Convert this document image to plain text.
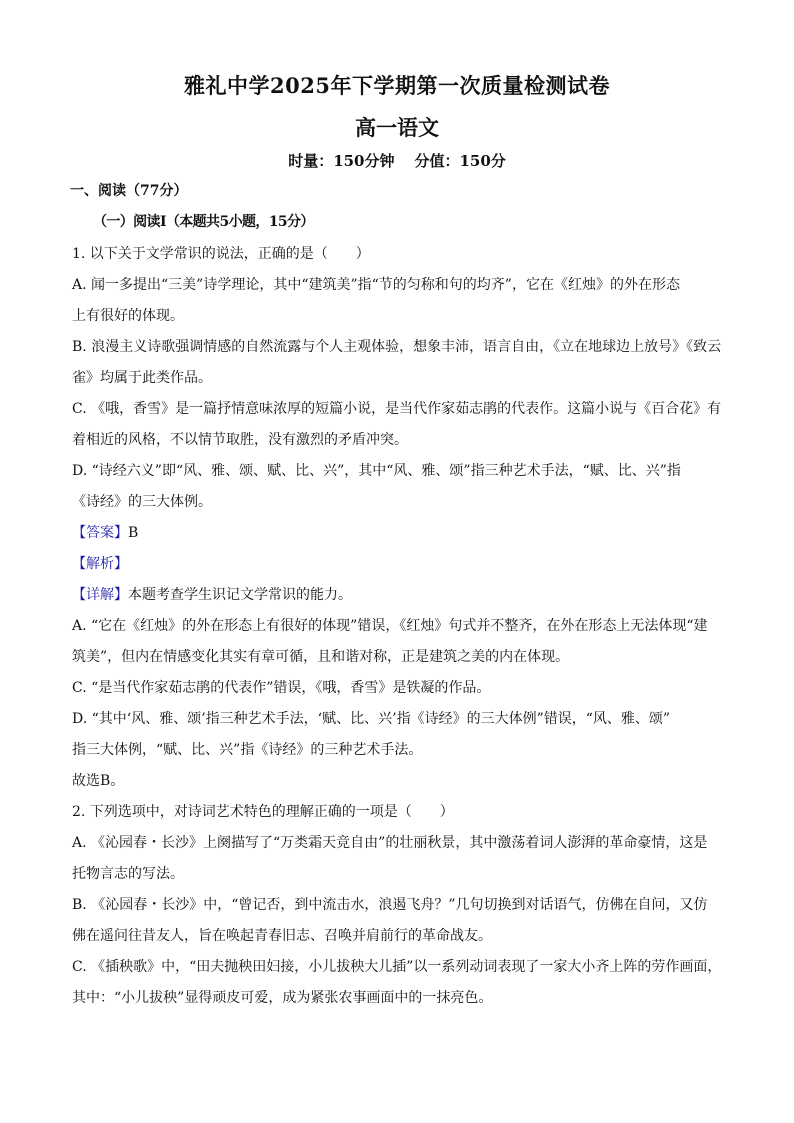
雅礼中学2025年下学期第一次质量检测试卷
高一语文
时量：150分钟 分值：150分
一、阅读（77分）
（一）阅读Ⅰ（本题共5小题，15分）
1. 以下关于文学常识的说法，正确的是（　　）
A. 闻一多提出“三美”诗学理论，其中“建筑美”指“节的匀称和句的均齐”，它在《红烛》的外在形态
上有很好的体现。
B. 浪漫主义诗歌强调情感的自然流露与个人主观体验，想象丰沛，语言自由，《立在地球边上放号》《致云
雀》均属于此类作品。
C. 《哦，香雪》是一篇抒情意味浓厚的短篇小说，是当代作家茹志鹃的代表作。这篇小说与《百合花》有
着相近的风格，不以情节取胜，没有激烈的矛盾冲突。
D. “诗经六义”即“风、雅、颂、赋、比、兴”，其中“风、雅、颂”指三种艺术手法，“赋、比、兴”指
《诗经》的三大体例。
【答案】B
【解析】
【详解】本题考查学生识记文学常识的能力。
A. “它在《红烛》的外在形态上有很好的体现”错误，《红烛》句式并不整齐，在外在形态上无法体现“建
筑美”，但内在情感变化其实有章可循，且和谐对称，正是建筑之美的内在体现。
C. “是当代作家茹志鹃的代表作”错误，《哦，香雪》是铁凝的作品。
D. “其中‘风、雅、颂’指三种艺术手法，‘赋、比、兴’指《诗经》的三大体例”错误，“风、雅、颂”
指三大体例，“赋、比、兴”指《诗经》的三种艺术手法。
故选B。
2. 下列选项中，对诗词艺术特色的理解正确的一项是（　　）
A. 《沁园春・长沙》上阕描写了“万类霜天竞自由”的壮丽秋景，其中激荡着词人澎湃的革命豪情，这是
托物言志的写法。
B. 《沁园春・长沙》中，“曾记否，到中流击水，浪遏飞舟？”几句切换到对话语气，仿佛在自问，又仿
佛在遥问往昔友人，旨在唤起青春旧志、召唤并肩前行的革命战友。
C. 《插秧歌》中，“田夫抛秧田妇接，小儿拔秧大儿插”以一系列动词表现了一家大小齐上阵的劳作画面，
其中：“小儿拔秧”显得顽皮可爱，成为紧张农事画面中的一抹亮色。
